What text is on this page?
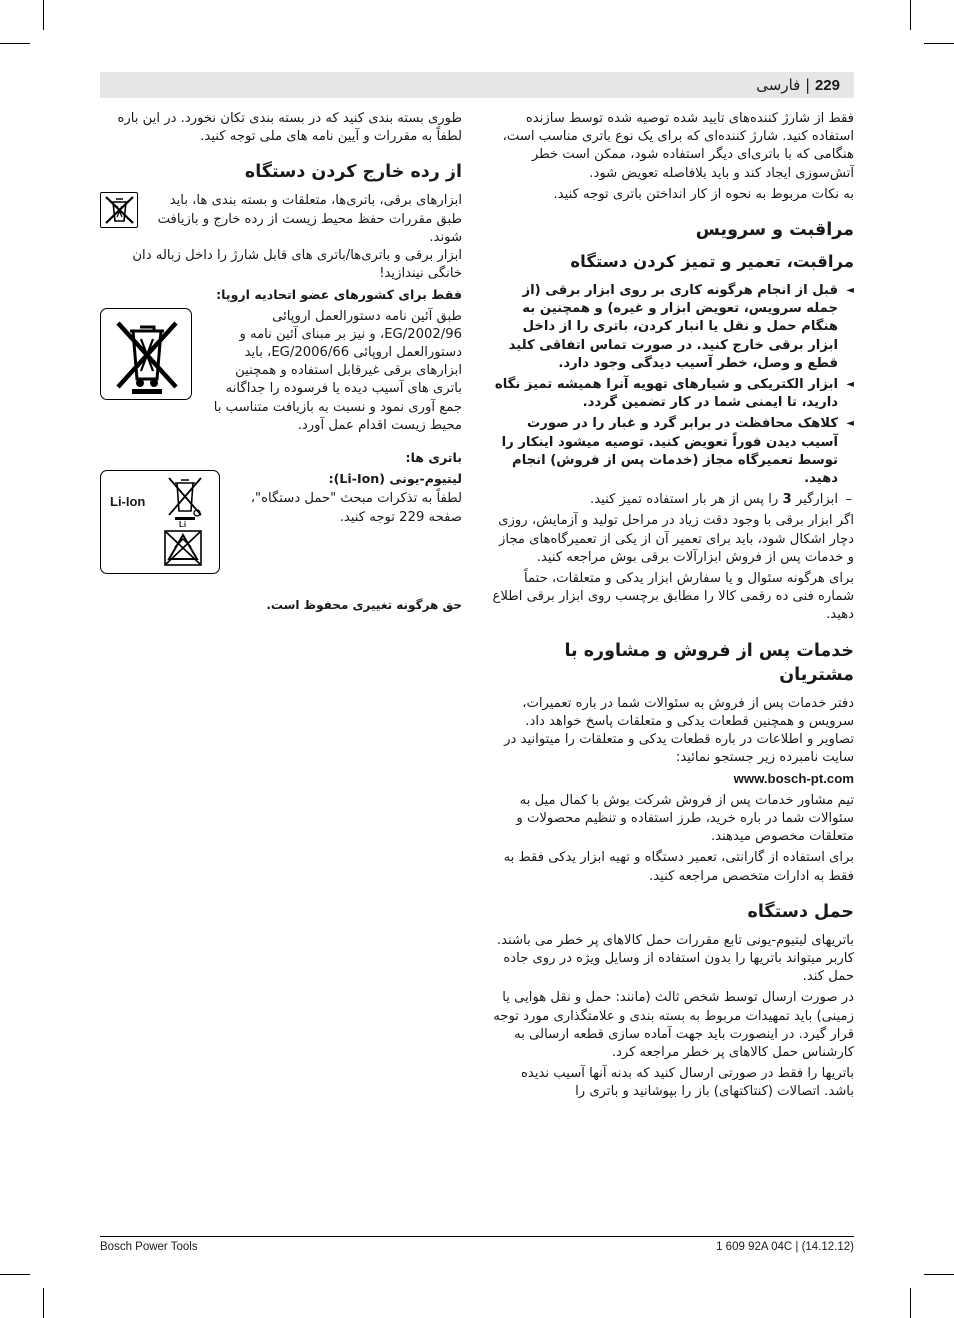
229 | فارسی

فقط از شارژ کننده‌های تایید شده توصیه شده توسط سازنده استفاده کنید. شارژ کننده‌ای که برای یک نوع باتری مناسب است، هنگامی که با باتری‌ای دیگر استفاده شود، ممکن است خطر آتش‌سوزی ایجاد کند و باید بلافاصله تعویض شود.

به نکات مربوط به نحوه از کار انداختن باتری توجه کنید.

مراقبت و سرویس
مراقبت، تعمیر و تمیز کردن دستگاه

◄ قبل از انجام هرگونه کاری بر روی ابزار برقی (از جمله سرویس، تعویض ابزار و غیره) و همچنین به هنگام حمل و نقل یا انبار کردن، باتری را از داخل ابزار برقی خارج کنید. در صورت تماس اتفاقی کلید قطع و وصل، خطر آسیب دیدگی وجود دارد.

◄ ابزار الکتریکی و شیارهای تهویه آنرا همیشه تمیز نگاه دارید، تا ایمنی شما در کار تضمین گردد.

◄ کلاهک محافظت در برابر گرد و غبار را در صورت آسیب دیدن فوراً تعویض کنید. توصیه میشود اینکار را توسط تعمیرگاه مجاز (خدمات پس از فروش) انجام دهید.

– ابزارگیر 3 را پس از هر بار استفاده تمیز کنید.

اگر ابزار برقی با وجود دقت زیاد در مراحل تولید و آزمایش، روزی دچار اشکال شود، باید برای تعمیر آن از یکی از تعمیرگاه‌های مجاز و خدمات پس از فروش ابزارآلات برقی بوش مراجعه کنید.

برای هرگونه سئوال و یا سفارش ابزار یدکی و متعلقات، حتماً شماره فنی ده رقمی کالا را مطابق برچسب روی ابزار برقی اطلاع دهید.

خدمات پس از فروش و مشاوره با مشتریان

دفتر خدمات پس از فروش به سئوالات شما در باره تعمیرات، سرویس و همچنین قطعات یدکی و متعلقات پاسخ خواهد داد. تصاویر و اطلاعات در باره قطعات یدکی و متعلقات را میتوانید در سایت نامبرده زیر جستجو نمائید:

www.bosch-pt.com

تیم مشاور خدمات پس از فروش شرکت بوش با کمال میل به سئوالات شما در باره خرید، طرز استفاده و تنظیم محصولات و متعلقات مخصوص میدهند.

برای استفاده از گارانتی، تعمیر دستگاه و تهیه ابزار یدکی فقط به فقط به ادارات متخصص مراجعه کنید.

حمل دستگاه

باتریهای لیتیوم-یونی تابع مقررات حمل کالاهای پر خطر می باشند. کاربر میتواند باتریها را بدون استفاده از وسایل ویژه در روی جاده حمل کند.

در صورت ارسال توسط شخص ثالث (مانند: حمل و نقل هوایی یا زمینی) باید تمهیدات مربوط به بسته بندی و علامتگذاری مورد توجه قرار گیرد. در اینصورت باید جهت آماده سازی قطعه ارسالی به کارشناس حمل کالاهای پر خطر مراجعه کرد.

باتریها را فقط در صورتی ارسال کنید که بدنه آنها آسیب ندیده باشد. اتصالات (کنتاکتهای) باز را بپوشانید و باتری را

طوری بسته بندی کنید که در بسته بندی تکان نخورد. در این باره لطفاً به مقررات و آیین نامه های ملی توجه کنید.

از رده خارج کردن دستگاه
ابزارهای برقی، باتری‌ها، متعلقات و بسته بندی ها، باید طبق مقررات حفظ محیط زیست از رده خارج و بازیافت شوند.

ابزار برقی و باتری‌ها/باتری های قابل شارژ را داخل زباله دان خانگی نیندازید!

فقط برای کشورهای عضو اتحادیه اروپا:

طبق آئین نامه دستورالعمل اروپائی 2002/96/EG، و نیز بر مبنای آئین نامه و دستورالعمل اروپائی 2006/66/EG، باید ابزارهای برقی غیرقابل استفاده و همچنین باتری های آسیب دیده یا فرسوده را جداگانه جمع آوری نمود و نسبت به بازیافت متناسب با محیط زیست اقدام عمل آورد.

باتری ها:

لیتیوم-یونی (Li-Ion):
لطفاً به تذکرات مبحث "حمل دستگاه"، صفحه 229 توجه کنید.
Li-Ion
Li

حق هرگونه تغییری محفوظ است.

Bosch Power Tools	1 609 92A 04C | (14.12.12)
